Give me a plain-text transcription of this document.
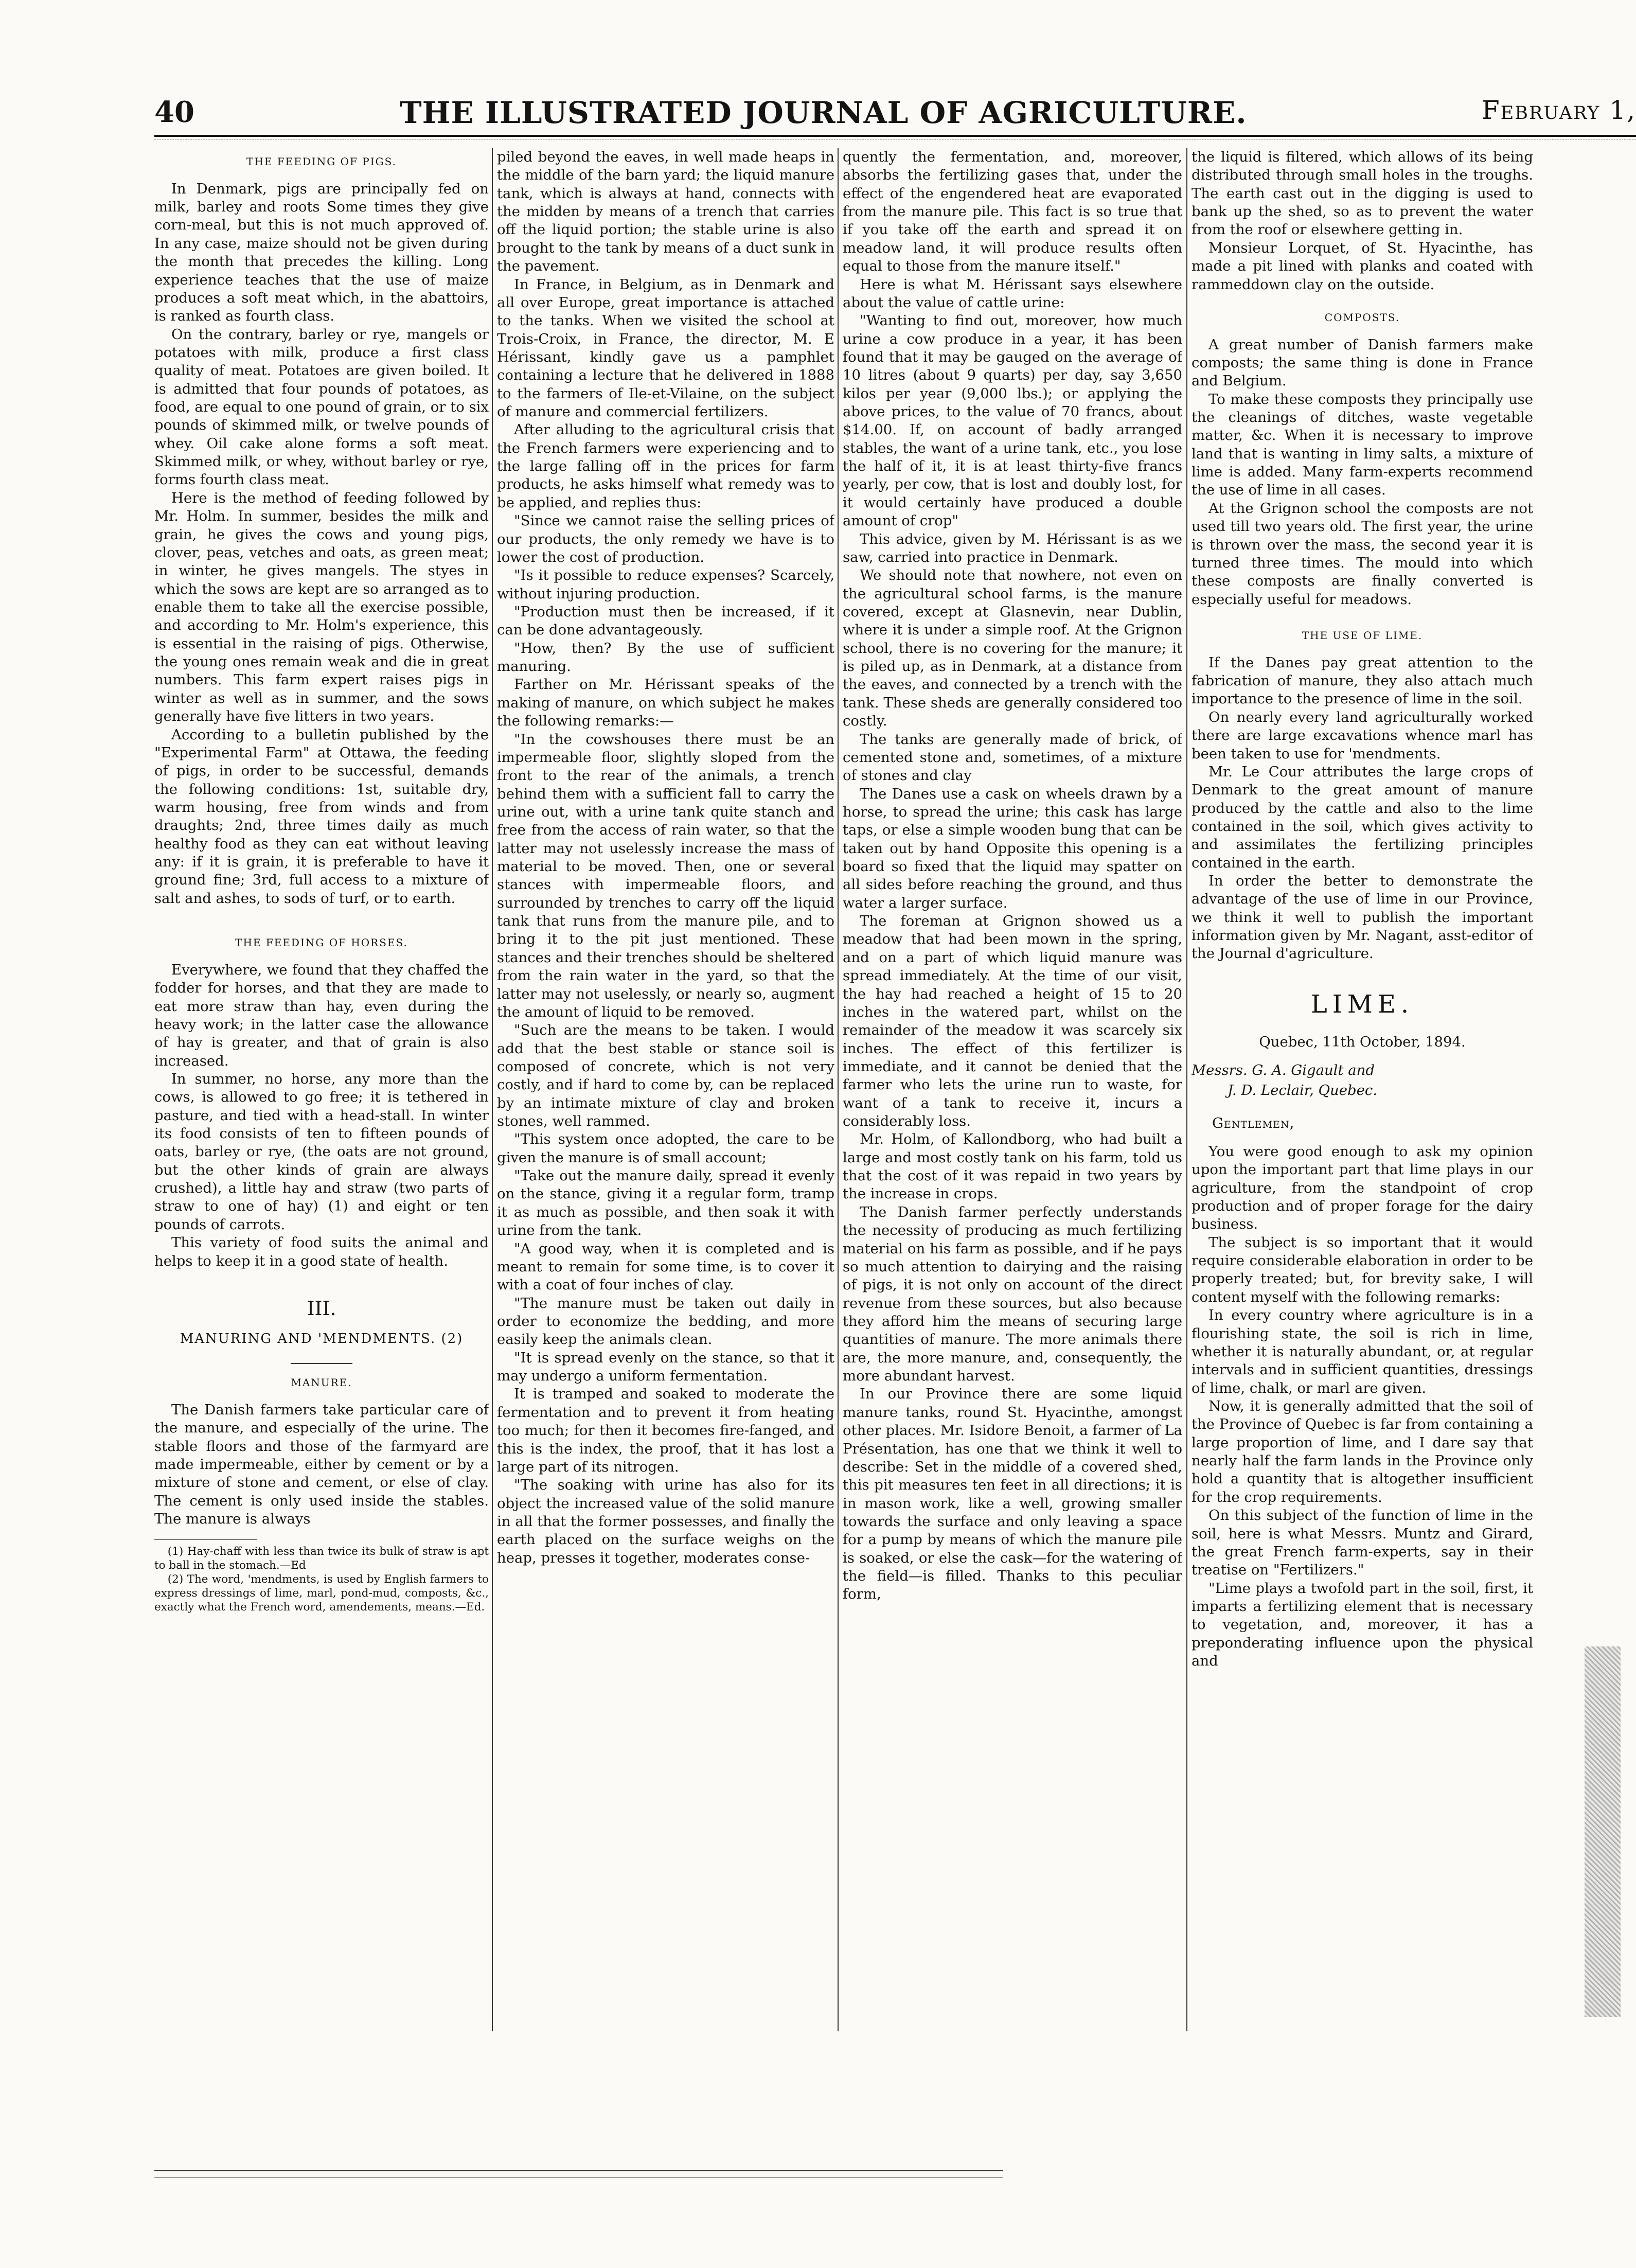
40	THE ILLUSTRATED JOURNAL OF AGRICULTURE.	February 1,
THE FEEDING OF PIGS.

In Denmark, pigs are principally fed on milk, barley and roots Some times they give corn-meal, but this is not much approved of. In any case, maize should not be given during the month that precedes the killing. Long experience teaches that the use of maize produces a soft meat which, in the abattoirs, is ranked as fourth class.

On the contrary, barley or rye, mangels or potatoes with milk, produce a first class quality of meat. Potatoes are given boiled. It is admitted that four pounds of potatoes, as food, are equal to one pound of grain, or to six pounds of skimmed milk, or twelve pounds of whey. Oil cake alone forms a soft meat. Skimmed milk, or whey, without barley or rye, forms fourth class meat.

Here is the method of feeding followed by Mr. Holm. In summer, besides the milk and grain, he gives the cows and young pigs, clover, peas, vetches and oats, as green meat; in winter, he gives mangels. The styes in which the sows are kept are so arranged as to enable them to take all the exercise possible, and according to Mr. Holm's experience, this is essential in the raising of pigs. Otherwise, the young ones remain weak and die in great numbers. This farm expert raises pigs in winter as well as in summer, and the sows generally have five litters in two years.

According to a bulletin published by the "Experimental Farm" at Ottawa, the feeding of pigs, in order to be successful, demands the following conditions: 1st, suitable dry, warm housing, free from winds and from draughts; 2nd, three times daily as much healthy food as they can eat without leaving any: if it is grain, it is preferable to have it ground fine; 3rd, full access to a mixture of salt and ashes, to sods of turf, or to earth.

THE FEEDING OF HORSES.

Everywhere, we found that they chaffed the fodder for horses, and that they are made to eat more straw than hay, even during the heavy work; in the latter case the allowance of hay is greater, and that of grain is also increased.

In summer, no horse, any more than the cows, is allowed to go free; it is tethered in pasture, and tied with a head-stall. In winter its food consists of ten to fifteen pounds of oats, barley or rye, (the oats are not ground, but the other kinds of grain are always crushed), a little hay and straw (two parts of straw to one of hay) (1) and eight or ten pounds of carrots.

This variety of food suits the animal and helps to keep it in a good state of health.

III.
MANURING AND 'MENDMENTS. (2)
MANURE.

The Danish farmers take particular care of the manure, and especially of the urine. The stable floors and those of the farmyard are made impermeable, either by cement or by a mixture of stone and cement, or else of clay. The cement is only used inside the stables. The manure is always

(1) Hay-chaff with less than twice its bulk of straw is apt to ball in the stomach.—Ed

(2) The word, 'mendments, is used by English farmers to express dressings of lime, marl, pond-mud, composts, &c., exactly what the French word, amendements, means.—Ed.

piled beyond the eaves, in well made heaps in the middle of the barn yard; the liquid manure tank, which is always at hand, connects with the midden by means of a trench that carries off the liquid portion; the stable urine is also brought to the tank by means of a duct sunk in the pavement.

In France, in Belgium, as in Denmark and all over Europe, great importance is attached to the tanks. When we visited the school at Trois-Croix, in France, the director, M. E Hérissant, kindly gave us a pamphlet containing a lecture that he delivered in 1888 to the farmers of Ile-et-Vilaine, on the subject of manure and commercial fertilizers.

After alluding to the agricultural crisis that the French farmers were experiencing and to the large falling off in the prices for farm products, he asks himself what remedy was to be applied, and replies thus:

"Since we cannot raise the selling prices of our products, the only remedy we have is to lower the cost of production.

"Is it possible to reduce expenses? Scarcely, without injuring production.

"Production must then be increased, if it can be done advantageously.

"How, then? By the use of sufficient manuring.

Farther on Mr. Hérissant speaks of the making of manure, on which subject he makes the following remarks:—

"In the cowshouses there must be an impermeable floor, slightly sloped from the front to the rear of the animals, a trench behind them with a sufficient fall to carry the urine out, with a urine tank quite stanch and free from the access of rain water, so that the latter may not uselessly increase the mass of material to be moved. Then, one or several stances with impermeable floors, and surrounded by trenches to carry off the liquid tank that runs from the manure pile, and to bring it to the pit just mentioned. These stances and their trenches should be sheltered from the rain water in the yard, so that the latter may not uselessly, or nearly so, augment the amount of liquid to be removed.

"Such are the means to be taken. I would add that the best stable or stance soil is composed of concrete, which is not very costly, and if hard to come by, can be replaced by an intimate mixture of clay and broken stones, well rammed.

"This system once adopted, the care to be given the manure is of small account;

"Take out the manure daily, spread it evenly on the stance, giving it a regular form, tramp it as much as possible, and then soak it with urine from the tank.

"A good way, when it is completed and is meant to remain for some time, is to cover it with a coat of four inches of clay.

"The manure must be taken out daily in order to economize the bedding, and more easily keep the animals clean.

"It is spread evenly on the stance, so that it may undergo a uniform fermentation.

It is tramped and soaked to moderate the fermentation and to prevent it from heating too much; for then it becomes fire-fanged, and this is the index, the proof, that it has lost a large part of its nitrogen.

"The soaking with urine has also for its object the increased value of the solid manure in all that the former possesses, and finally the earth placed on the surface weighs on the heap, presses it together, moderates conse-

quently the fermentation, and, moreover, absorbs the fertilizing gases that, under the effect of the engendered heat are evaporated from the manure pile. This fact is so true that if you take off the earth and spread it on meadow land, it will produce results often equal to those from the manure itself."

Here is what M. Hérissant says elsewhere about the value of cattle urine:

"Wanting to find out, moreover, how much urine a cow produce in a year, it has been found that it may be gauged on the average of 10 litres (about 9 quarts) per day, say 3,650 kilos per year (9,000 lbs.); or applying the above prices, to the value of 70 francs, about $14.00. If, on account of badly arranged stables, the want of a urine tank, etc., you lose the half of it, it is at least thirty-five francs yearly, per cow, that is lost and doubly lost, for it would certainly have produced a double amount of crop"

This advice, given by M. Hérissant is as we saw, carried into practice in Denmark.

We should note that nowhere, not even on the agricultural school farms, is the manure covered, except at Glasnevin, near Dublin, where it is under a simple roof. At the Grignon school, there is no covering for the manure; it is piled up, as in Denmark, at a distance from the eaves, and connected by a trench with the tank. These sheds are generally considered too costly.

The tanks are generally made of brick, of cemented stone and, sometimes, of a mixture of stones and clay

The Danes use a cask on wheels drawn by a horse, to spread the urine; this cask has large taps, or else a simple wooden bung that can be taken out by hand Opposite this opening is a board so fixed that the liquid may spatter on all sides before reaching the ground, and thus water a larger surface.

The foreman at Grignon showed us a meadow that had been mown in the spring, and on a part of which liquid manure was spread immediately. At the time of our visit, the hay had reached a height of 15 to 20 inches in the watered part, whilst on the remainder of the meadow it was scarcely six inches. The effect of this fertilizer is immediate, and it cannot be denied that the farmer who lets the urine run to waste, for want of a tank to receive it, incurs a considerably loss.

Mr. Holm, of Kallondborg, who had built a large and most costly tank on his farm, told us that the cost of it was repaid in two years by the increase in crops.

The Danish farmer perfectly understands the necessity of producing as much fertilizing material on his farm as possible, and if he pays so much attention to dairying and the raising of pigs, it is not only on account of the direct revenue from these sources, but also because they afford him the means of securing large quantities of manure. The more animals there are, the more manure, and, consequently, the more abundant harvest.

In our Province there are some liquid manure tanks, round St. Hyacinthe, amongst other places. Mr. Isidore Benoit, a farmer of La Présentation, has one that we think it well to describe: Set in the middle of a covered shed, this pit measures ten feet in all directions; it is in mason work, like a well, growing smaller towards the surface and only leaving a space for a pump by means of which the manure pile is soaked, or else the cask—for the watering of the field—is filled. Thanks to this peculiar form,

the liquid is filtered, which allows of its being distributed through small holes in the troughs. The earth cast out in the digging is used to bank up the shed, so as to prevent the water from the roof or elsewhere getting in.

Monsieur Lorquet, of St. Hyacinthe, has made a pit lined with planks and coated with rammeddown clay on the outside.

COMPOSTS.

A great number of Danish farmers make composts; the same thing is done in France and Belgium.

To make these composts they principally use the cleanings of ditches, waste vegetable matter, &c. When it is necessary to improve land that is wanting in limy salts, a mixture of lime is added. Many farm-experts recommend the use of lime in all cases.

At the Grignon school the composts are not used till two years old. The first year, the urine is thrown over the mass, the second year it is turned three times. The mould into which these composts are finally converted is especially useful for meadows.

THE USE OF LIME.

If the Danes pay great attention to the fabrication of manure, they also attach much importance to the presence of lime in the soil.

On nearly every land agriculturally worked there are large excavations whence marl has been taken to use for 'mendments.

Mr. Le Cour attributes the large crops of Denmark to the great amount of manure produced by the cattle and also to the lime contained in the soil, which gives activity to and assimilates the fertilizing principles contained in the earth.

In order the better to demonstrate the advantage of the use of lime in our Province, we think it well to publish the important information given by Mr. Nagant, asst-editor of the Journal d'agriculture.

LIME.
Quebec, 11th October, 1894.
Messrs. G. A. Gigault and
J. D. Leclair, Quebec.
Gentlemen,

You were good enough to ask my opinion upon the important part that lime plays in our agriculture, from the standpoint of crop production and of proper forage for the dairy business.

The subject is so important that it would require considerable elaboration in order to be properly treated; but, for brevity sake, I will content myself with the following remarks:

In every country where agriculture is in a flourishing state, the soil is rich in lime, whether it is naturally abundant, or, at regular intervals and in sufficient quantities, dressings of lime, chalk, or marl are given.

Now, it is generally admitted that the soil of the Province of Quebec is far from containing a large proportion of lime, and I dare say that nearly half the farm lands in the Province only hold a quantity that is altogether insufficient for the crop requirements.

On this subject of the function of lime in the soil, here is what Messrs. Muntz and Girard, the great French farm-experts, say in their treatise on "Fertilizers."

"Lime plays a twofold part in the soil, first, it imparts a fertilizing element that is necessary to vegetation, and, moreover, it has a preponderating influence upon the physical and
